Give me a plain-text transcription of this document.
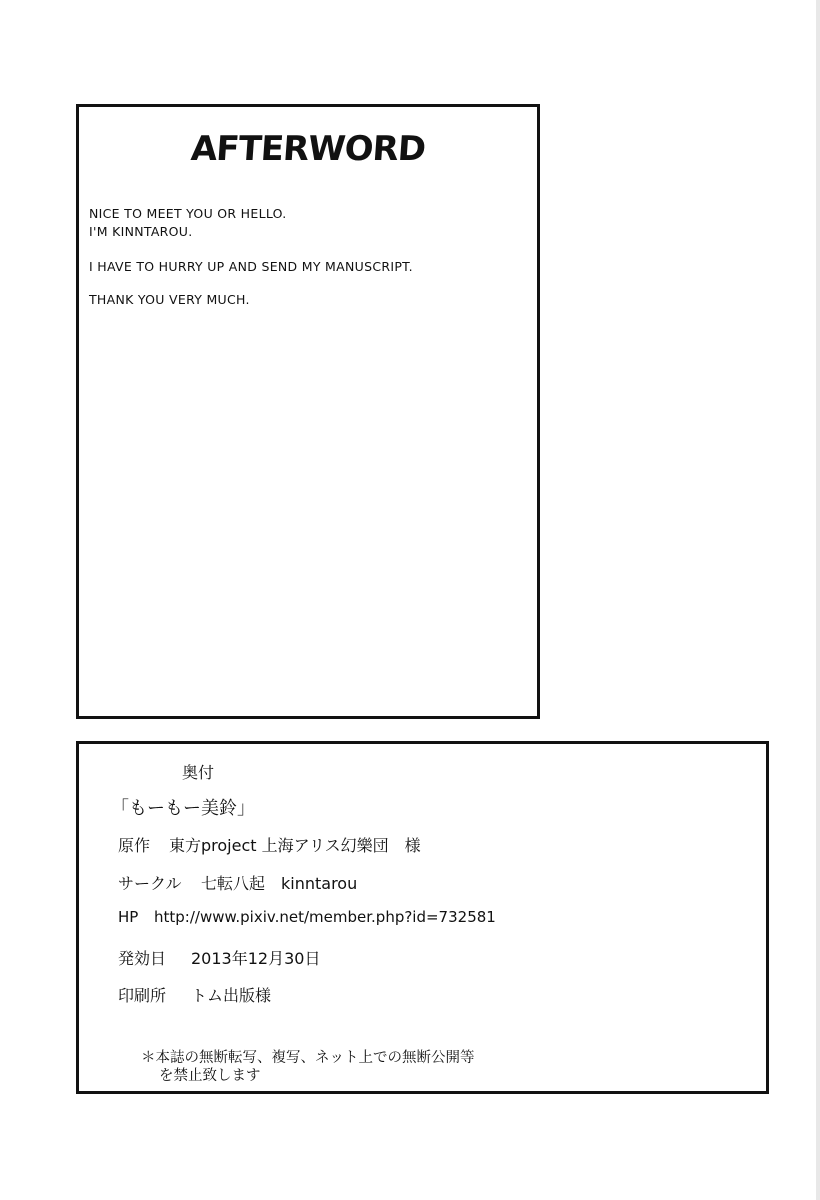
AFTERWORD
NICE TO MEET YOU OR HELLO.
I'M KINNTAROU.
I HAVE TO HURRY UP AND SEND MY MANUSCRIPT.
THANK YOU VERY MUCH.
奥付
「もーもー美鈴」
原作 東方project 上海アリス幻樂団　様
サークル 七転八起　kinntarou
HP http://www.pixiv.net/member.php?id=732581
発効日 2013年12月30日
印刷所 トム出版様
＊本誌の無断転写、複写、ネット上での無断公開等
を禁止致します
